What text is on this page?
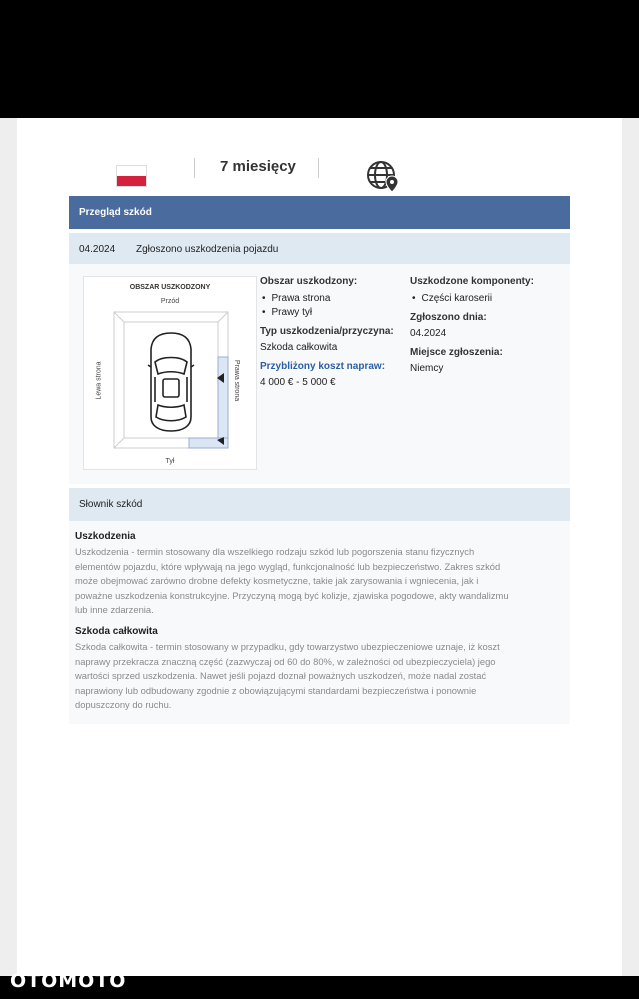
7 miesięcy
Przegląd szkód
04.2024 Zgłoszono uszkodzenia pojazdu
OBSZAR USZKODZONY
Przód
Tył
Lewa strona	Prawa strona
Obszar uszkodzony:
• Prawa strona
• Prawy tył
Typ uszkodzenia/przyczyna:
Szkoda całkowita
Przybliżony koszt napraw:
4 000 € - 5 000 €
Uszkodzone komponenty:
• Części karoserii
Zgłoszono dnia:
04.2024
Miejsce zgłoszenia:
Niemcy
Słownik szkód
Uszkodzenia
Uszkodzenia - termin stosowany dla wszelkiego rodzaju szkód lub pogorszenia stanu fizycznych
elementów pojazdu, które wpływają na jego wygląd, funkcjonalność lub bezpieczeństwo. Zakres szkód
może obejmować zarówno drobne defekty kosmetyczne, takie jak zarysowania i wgniecenia, jak i
poważne uszkodzenia konstrukcyjne. Przyczyną mogą być kolizje, zjawiska pogodowe, akty wandalizmu
lub inne zdarzenia.
Szkoda całkowita
Szkoda całkowita - termin stosowany w przypadku, gdy towarzystwo ubezpieczeniowe uznaje, iż koszt
naprawy przekracza znaczną część (zazwyczaj od 60 do 80%, w zależności od ubezpieczyciela) jego
wartości sprzed uszkodzenia. Nawet jeśli pojazd doznał poważnych uszkodzeń, może nadal zostać
naprawiony lub odbudowany zgodnie z obowiązującymi standardami bezpieczeństwa i ponownie
dopuszczony do ruchu.
OTOMOTO
